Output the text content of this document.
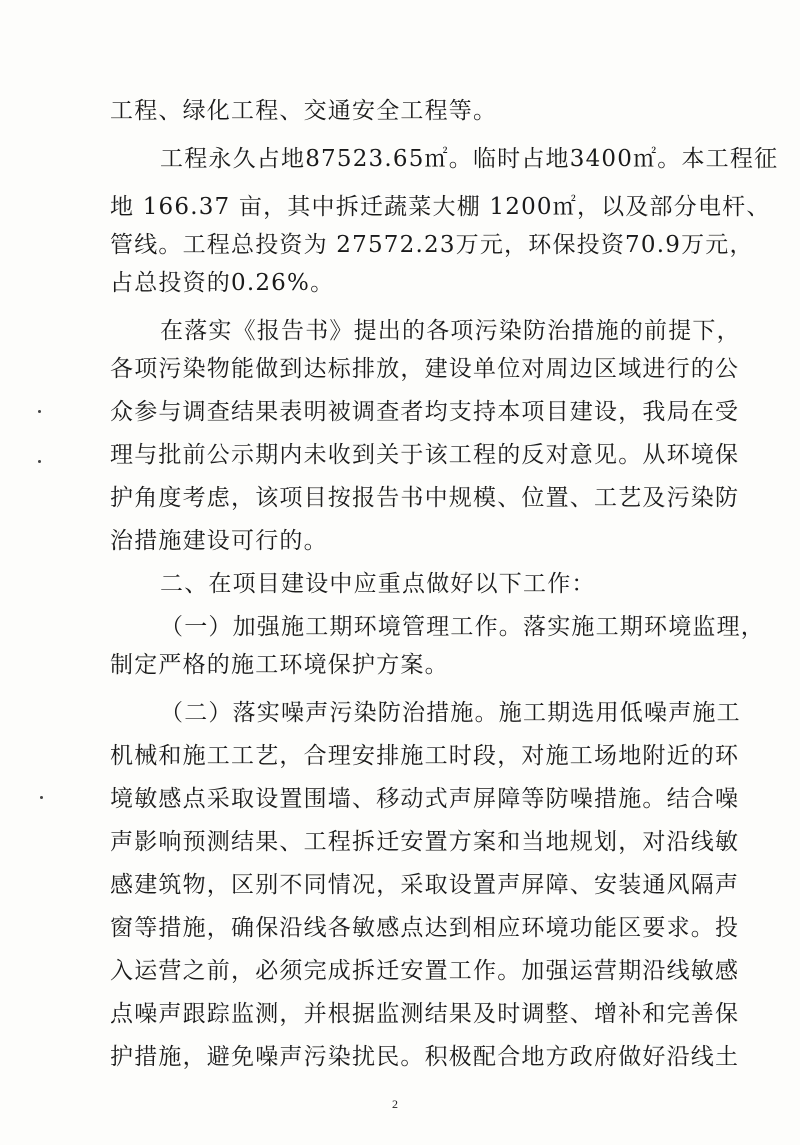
工程、绿化工程、交通安全工程等。
工程永久占地87523.65㎡。临时占地3400㎡。本工程征
地 166.37 亩，其中拆迁蔬菜大棚 1200㎡，以及部分电杆、
管线。工程总投资为 27572.23万元，环保投资70.9万元，
占总投资的0.26%。
在落实《报告书》提出的各项污染防治措施的前提下，
各项污染物能做到达标排放，建设单位对周边区域进行的公
众参与调查结果表明被调查者均支持本项目建设，我局在受
理与批前公示期内未收到关于该工程的反对意见。从环境保
护角度考虑，该项目按报告书中规模、位置、工艺及污染防
治措施建设可行的。
二、在项目建设中应重点做好以下工作：
（一）加强施工期环境管理工作。落实施工期环境监理，
制定严格的施工环境保护方案。
（二）落实噪声污染防治措施。施工期选用低噪声施工
机械和施工工艺，合理安排施工时段，对施工场地附近的环
境敏感点采取设置围墙、移动式声屏障等防噪措施。结合噪
声影响预测结果、工程拆迁安置方案和当地规划，对沿线敏
感建筑物，区别不同情况，采取设置声屏障、安装通风隔声
窗等措施，确保沿线各敏感点达到相应环境功能区要求。投
入运营之前，必须完成拆迁安置工作。加强运营期沿线敏感
点噪声跟踪监测，并根据监测结果及时调整、增补和完善保
护措施，避免噪声污染扰民。积极配合地方政府做好沿线土
2
